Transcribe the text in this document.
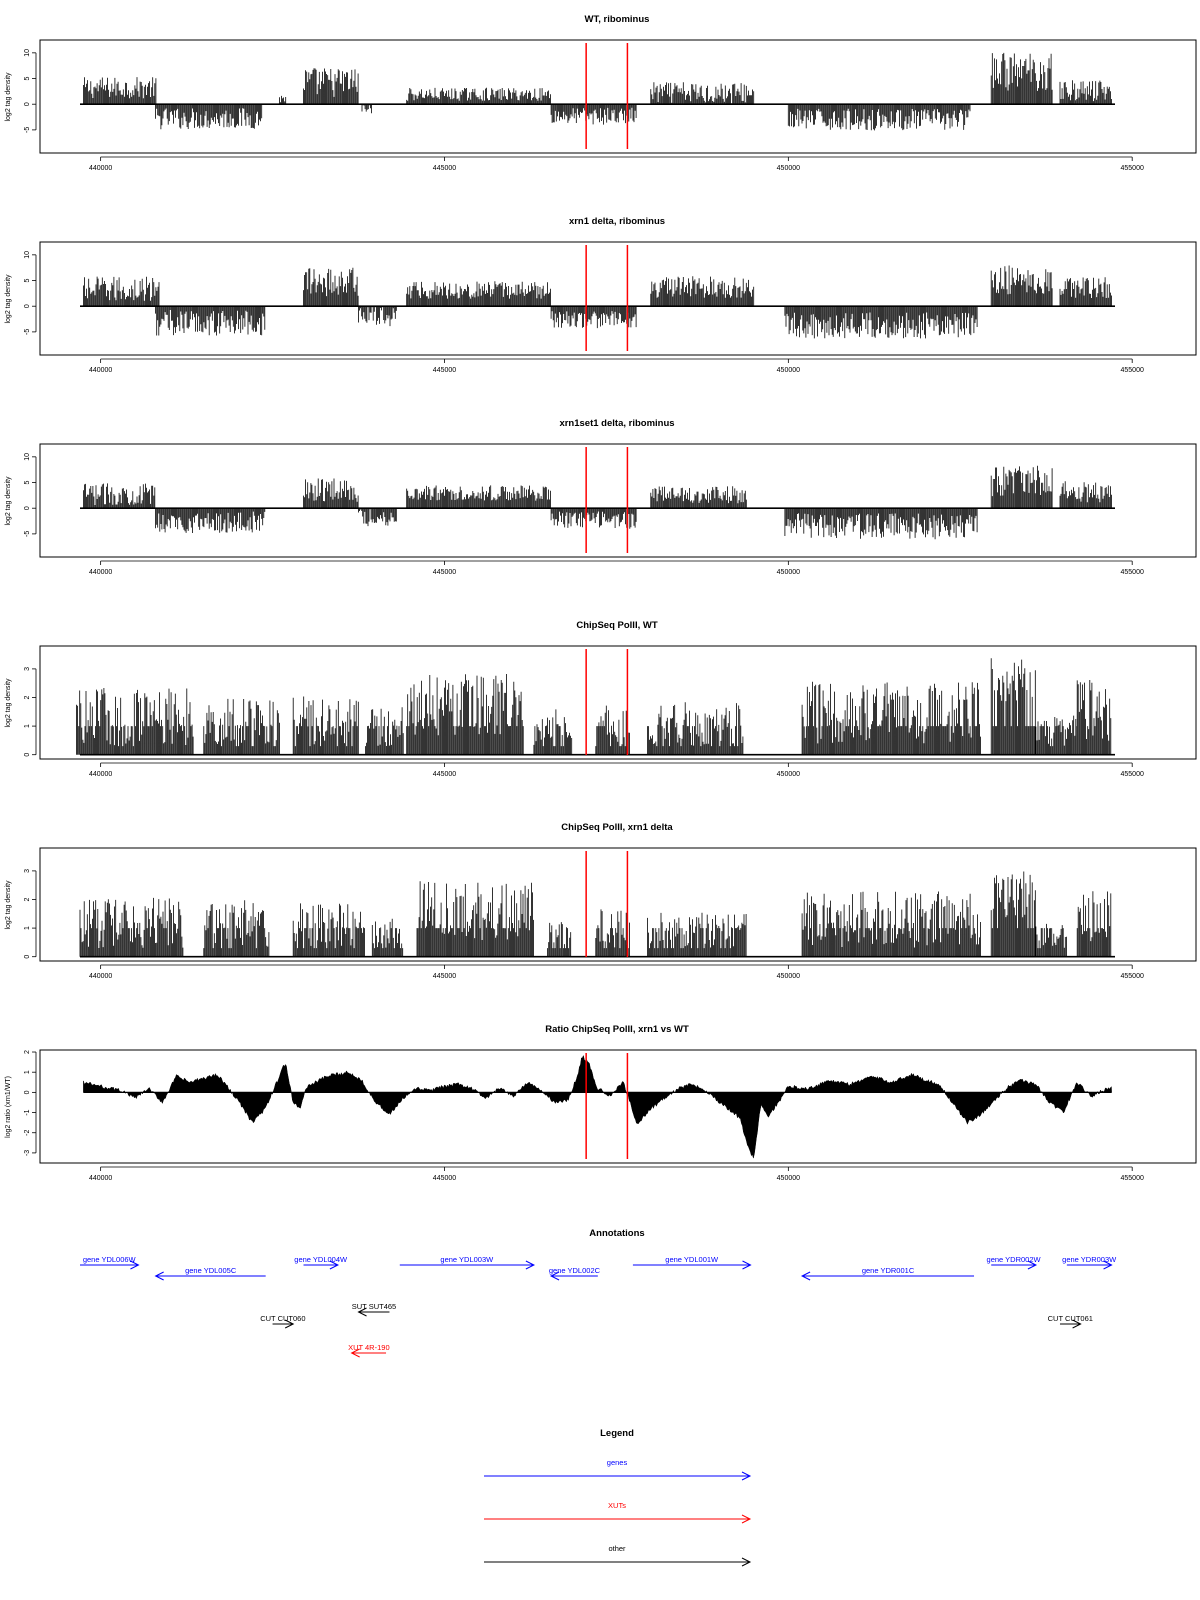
WT, ribominus
log2 tag density
440000	445000	450000	455000
-5
0
5
10
xrn1 delta, ribominus
log2 tag density
440000	445000	450000	455000
-5
0
5
10
xrn1set1 delta, ribominus
log2 tag density
440000	445000	450000	455000
-5
0
5
10
ChipSeq PolII, WT
log2 tag density
440000	445000	450000	455000
0
1
2
3
ChipSeq PolII, xrn1 delta
log2 tag density
440000	445000	450000	455000
0
1
2
3
Ratio ChipSeq PolII, xrn1 vs WT
log2 ratio (xrn1/WT)
440000	445000	450000	455000
-3
-2
-1
0
1
2
Annotations
gene YDL006W
gene YDL005C
gene YDL004W	gene YDL003W
gene YDL002C
gene YDL001W
gene YDR001C
gene YDR002W	gene YDR003W
SUT SUT465
CUT CUT060	CUT CUT061
XUT 4R-190
Legend
genes
XUTs
other
